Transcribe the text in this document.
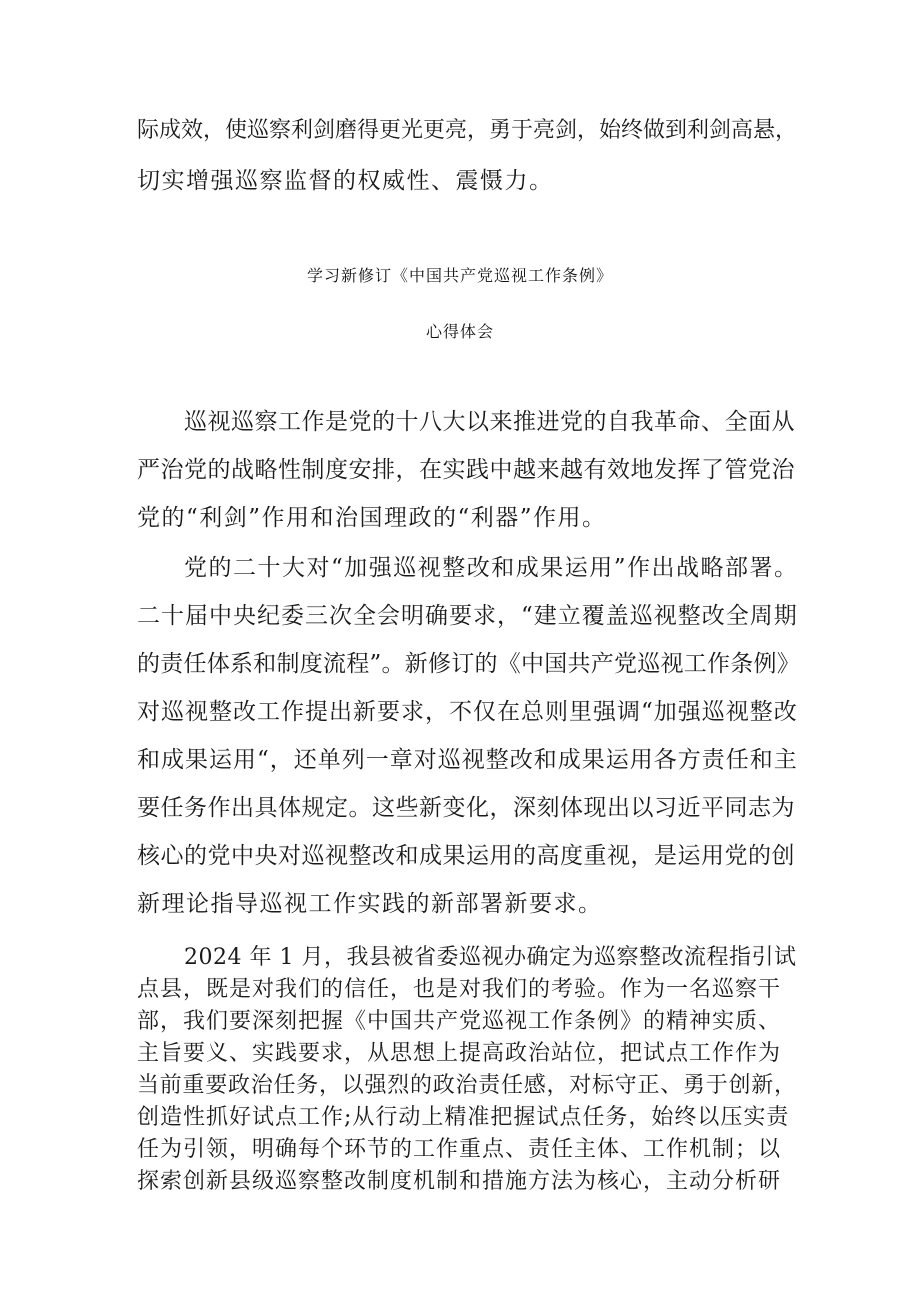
际成效，使巡察利剑磨得更光更亮，勇于亮剑，始终做到利剑高悬，
切实增强巡察监督的权威性、震慑力。
学习新修订《中国共产党巡视工作条例》
心得体会
巡视巡察工作是党的十八大以来推进党的自我革命、全面从
严治党的战略性制度安排，在实践中越来越有效地发挥了管党治
党的“利剑”作用和治国理政的“利器”作用。
党的二十大对“加强巡视整改和成果运用”作出战略部署。
二十届中央纪委三次全会明确要求，“建立覆盖巡视整改全周期
的责任体系和制度流程”。新修订的《中国共产党巡视工作条例》
对巡视整改工作提出新要求，不仅在总则里强调“加强巡视整改
和成果运用“，还单列一章对巡视整改和成果运用各方责任和主
要任务作出具体规定。这些新变化，深刻体现出以习近平同志为
核心的党中央对巡视整改和成果运用的高度重视，是运用党的创
新理论指导巡视工作实践的新部署新要求。
2024 年 1 月，我县被省委巡视办确定为巡察整改流程指引试
点县，既是对我们的信任，也是对我们的考验。作为一名巡察干
部，我们要深刻把握《中国共产党巡视工作条例》的精神实质、
主旨要义、实践要求，从思想上提高政治站位，把试点工作作为
当前重要政治任务，以强烈的政治责任感，对标守正、勇于创新，
创造性抓好试点工作;从行动上精准把握试点任务，始终以压实责
任为引领，明确每个环节的工作重点、责任主体、工作机制；以
探索创新县级巡察整改制度机制和措施方法为核心，主动分析研
